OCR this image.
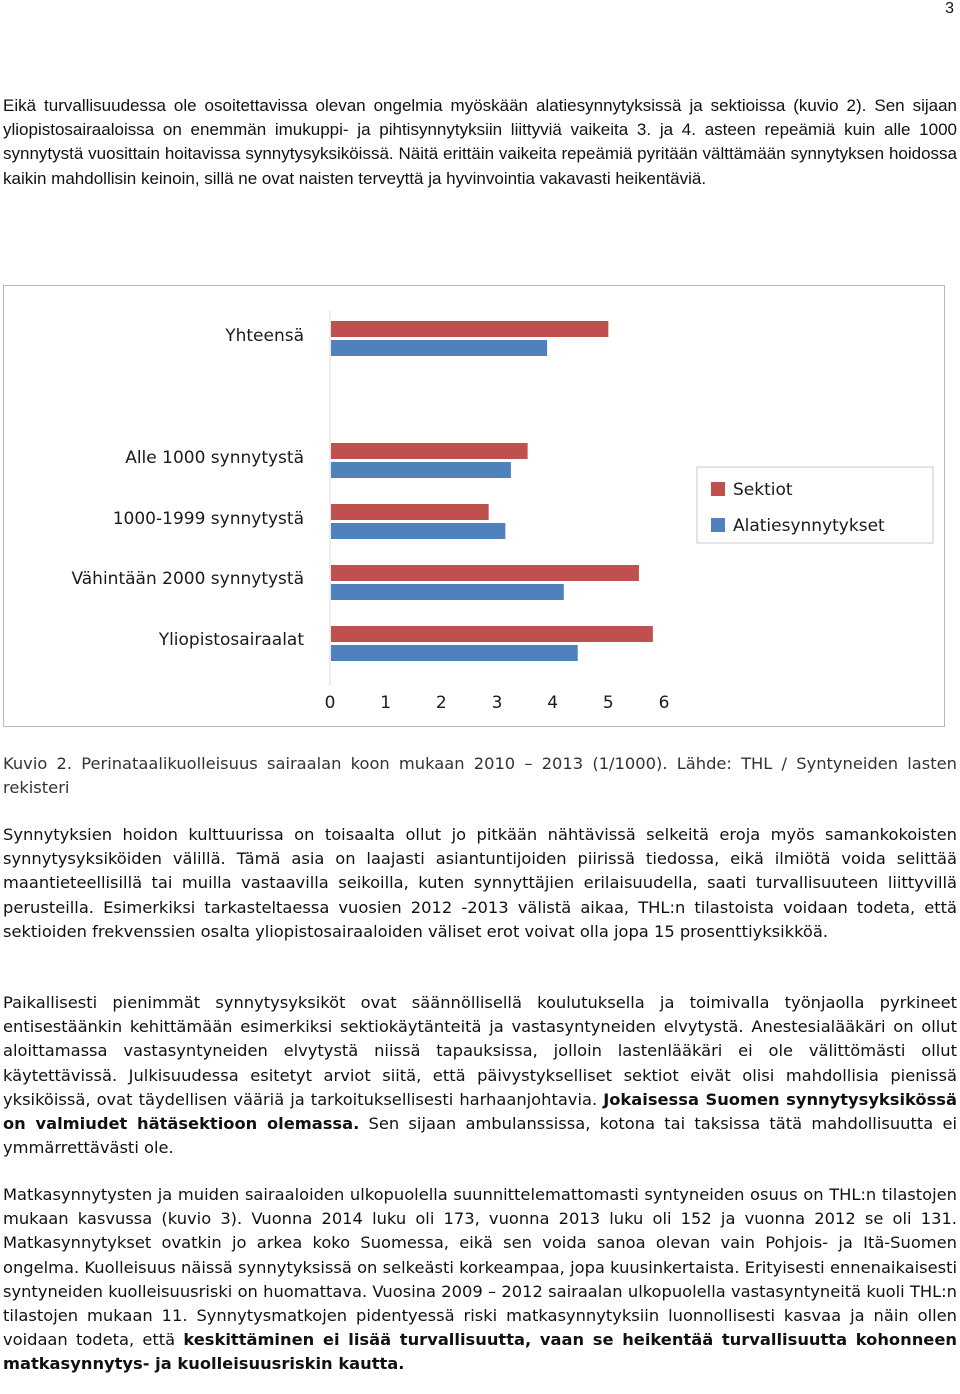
3

Eikä turvallisuudessa ole osoitettavissa olevan ongelmia myöskään alatiesynnytyksissä ja sektioissa (kuvio 2). Sen sijaan yliopistosairaaloissa on enemmän imukuppi- ja pihtisynnytyksiin liittyviä vaikeita 3. ja 4. asteen repeämiä kuin alle 1000 synnytystä vuosittain hoitavissa synnytysyksiköissä. Näitä erittäin vaikeita repeämiä pyritään välttämään synnytyksen hoidossa kaikin mahdollisin keinoin, sillä ne ovat naisten terveyttä ja hyvinvointia vakavasti heikentäviä.

Yhteensä
Alle 1000 synnytystä
1000-1999 synnytystä
Vähintään 2000 synnytystä
Yliopistosairaalat
0	1	2	3	4	5	6
Sektiot
Alatiesynnytykset

Kuvio 2. Perinataalikuolleisuus sairaalan koon mukaan 2010 – 2013 (1/1000). Lähde: THL / Syntyneiden lasten rekisteri

Synnytyksien hoidon kulttuurissa on toisaalta ollut jo pitkään nähtävissä selkeitä eroja myös samankokoisten synnytysyksiköiden välillä. Tämä asia on laajasti asiantuntijoiden piirissä tiedossa, eikä ilmiötä voida selittää maantieteellisillä tai muilla vastaavilla seikoilla, kuten synnyttäjien erilaisuudella, saati turvallisuuteen liittyvillä perusteilla. Esimerkiksi tarkasteltaessa vuosien 2012 -2013 välistä aikaa, THL:n tilastoista voidaan todeta, että sektioiden frekvenssien osalta yliopistosairaaloiden väliset erot voivat olla jopa 15 prosenttiyksikköä.

Paikallisesti pienimmät synnytysyksiköt ovat säännöllisellä koulutuksella ja toimivalla työnjaolla pyrkineet entisestäänkin kehittämään esimerkiksi sektiokäytänteitä ja vastasyntyneiden elvytystä. Anestesialääkäri on ollut aloittamassa vastasyntyneiden elvytystä niissä tapauksissa, jolloin lastenlääkäri ei ole välittömästi ollut käytettävissä. Julkisuudessa esitetyt arviot siitä, että päivystykselliset sektiot eivät olisi mahdollisia pienissä yksiköissä, ovat täydellisen vääriä ja tarkoituksellisesti harhaanjohtavia. Jokaisessa Suomen synnytysyksikössä on valmiudet hätäsektioon olemassa. Sen sijaan ambulanssissa, kotona tai taksissa tätä mahdollisuutta ei ymmärrettävästi ole.

Matkasynnytysten ja muiden sairaaloiden ulkopuolella suunnittelemattomasti syntyneiden osuus on THL:n tilastojen mukaan kasvussa (kuvio 3). Vuonna 2014 luku oli 173, vuonna 2013 luku oli 152 ja vuonna 2012 se oli 131. Matkasynnytykset ovatkin jo arkea koko Suomessa, eikä sen voida sanoa olevan vain Pohjois- ja Itä-Suomen ongelma. Kuolleisuus näissä synnytyksissä on selkeästi korkeampaa, jopa kuusinkertaista. Erityisesti ennenaikaisesti syntyneiden kuolleisuusriski on huomattava. Vuosina 2009 – 2012 sairaalan ulkopuolella vastasyntyneitä kuoli THL:n tilastojen mukaan 11. Synnytysmatkojen pidentyessä riski matkasynnytyksiin luonnollisesti kasvaa ja näin ollen voidaan todeta, että keskittäminen ei lisää turvallisuutta, vaan se heikentää turvallisuutta kohonneen matkasynnytys- ja kuolleisuusriskin kautta.
